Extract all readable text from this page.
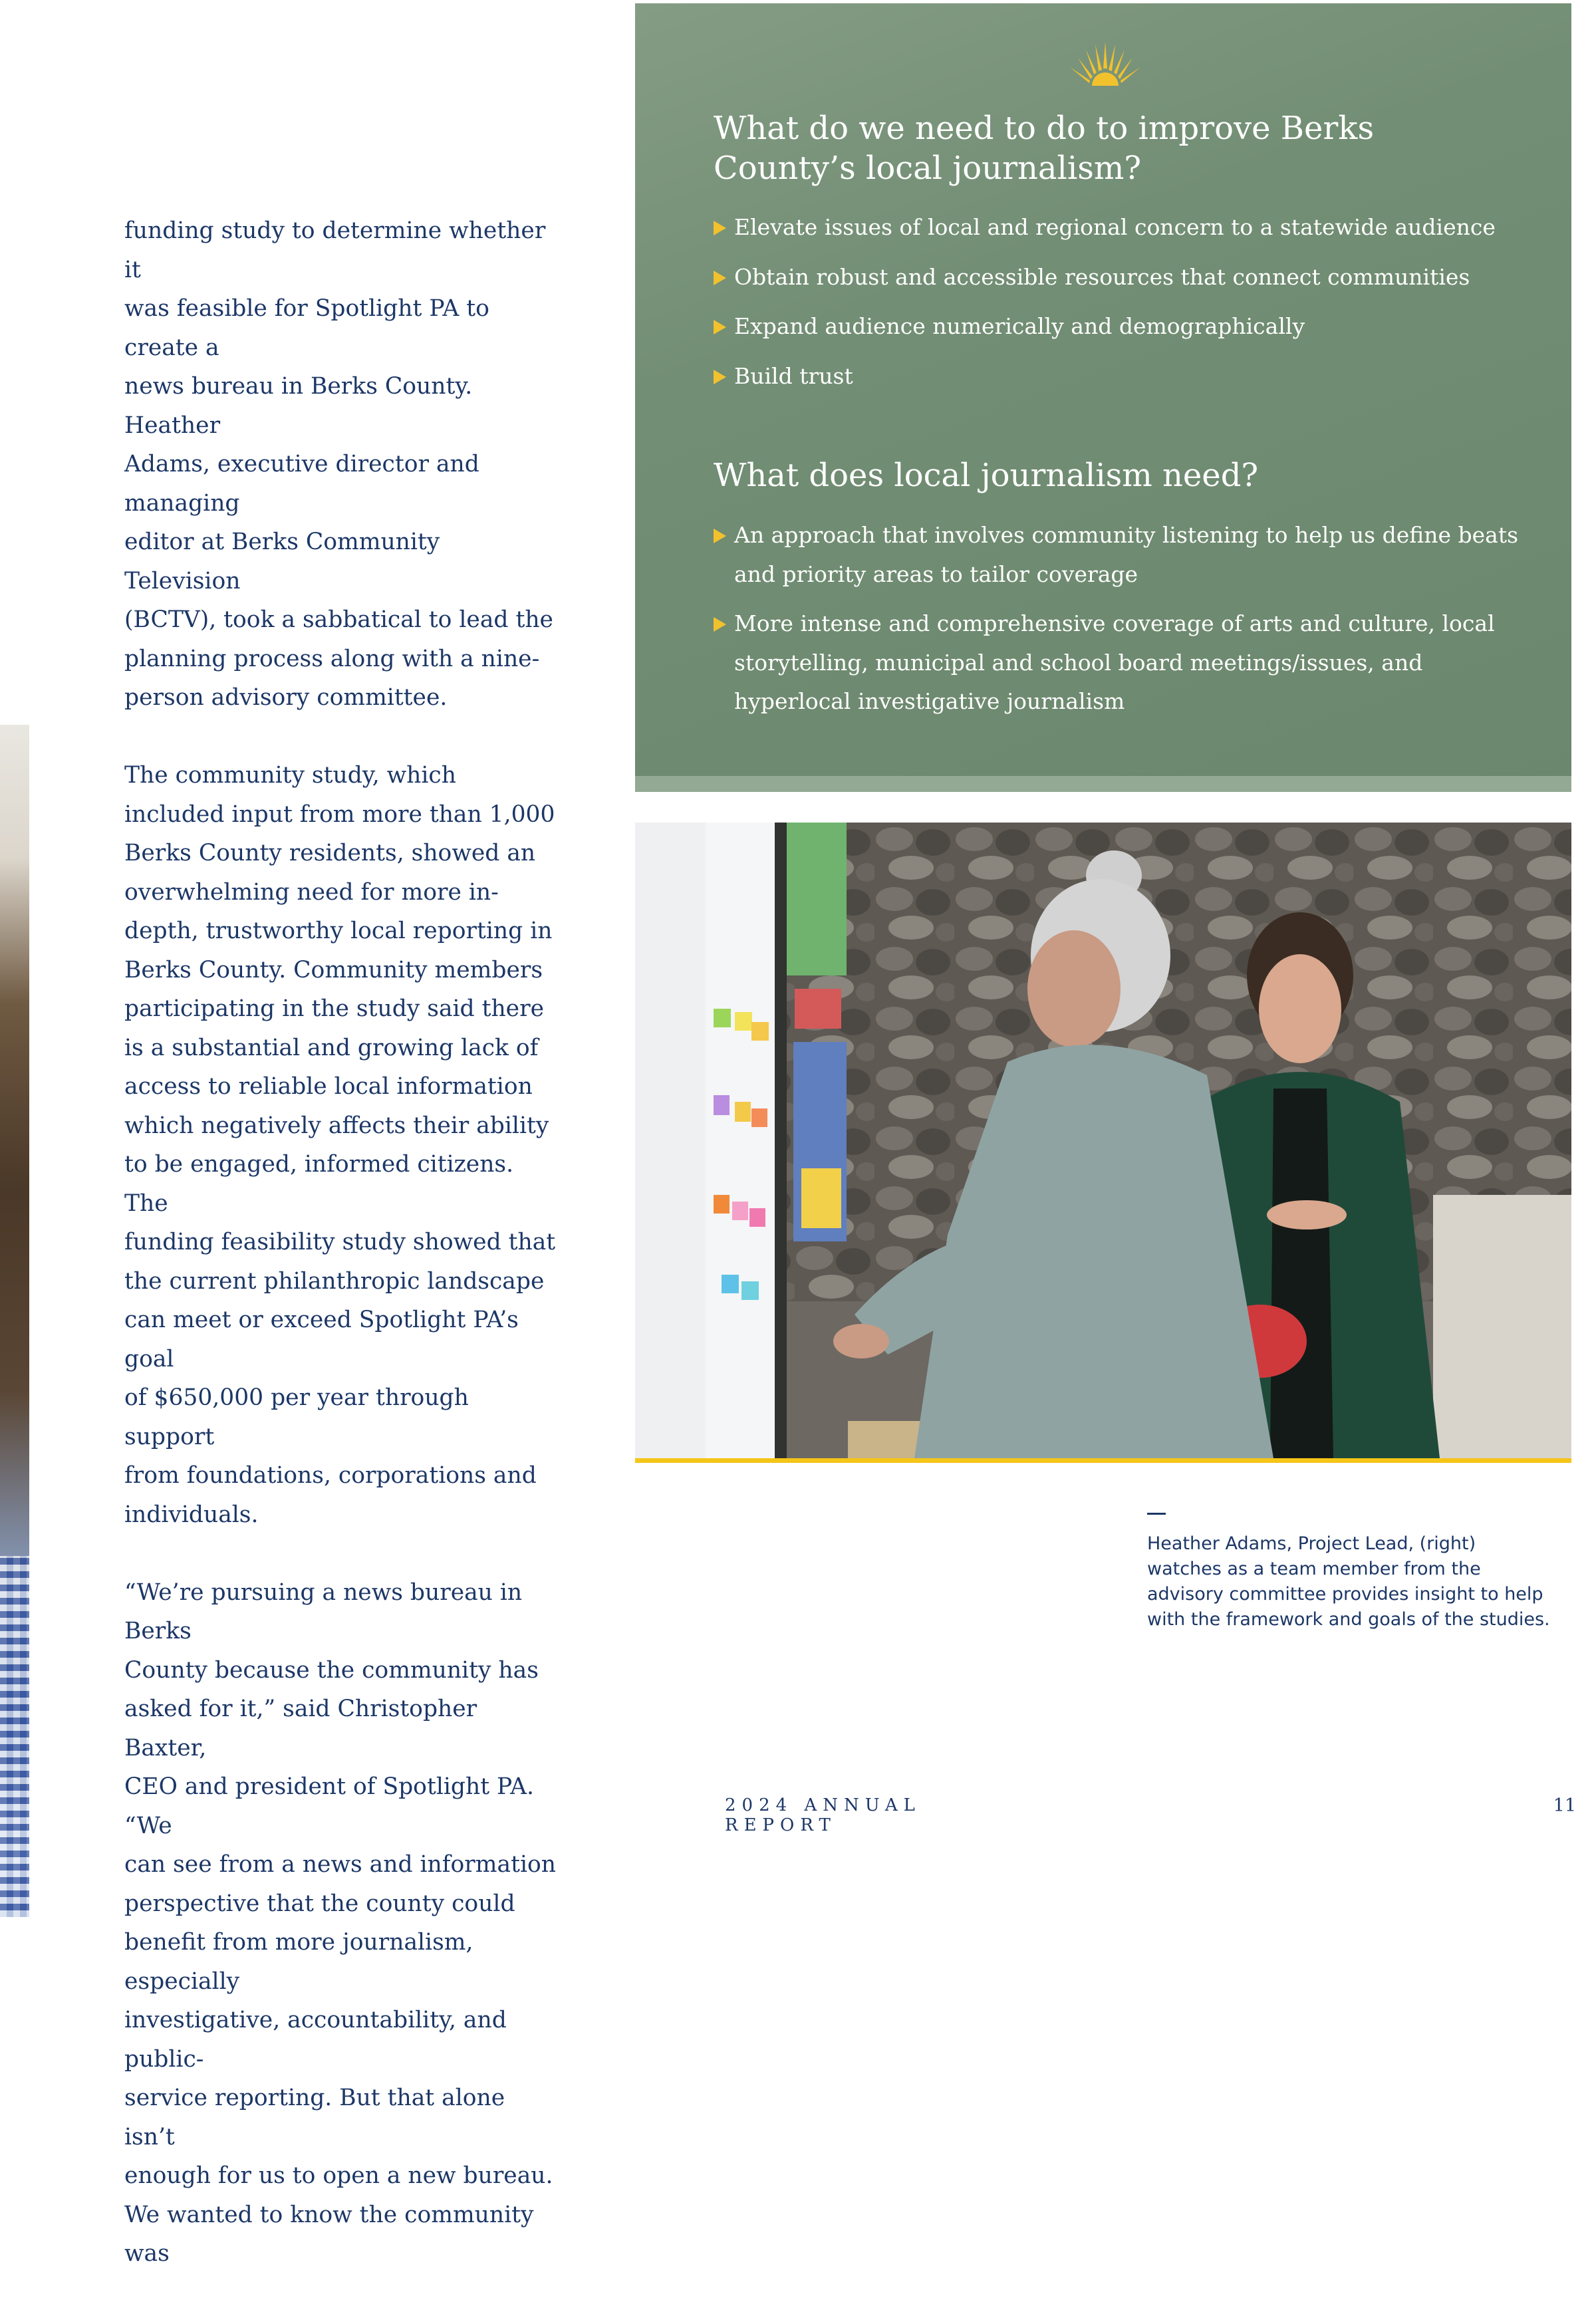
funding study to determine whether it
was feasible for Spotlight PA to create a
news bureau in Berks County. Heather
Adams, executive director and managing
editor at Berks Community Television
(BCTV), took a sabbatical to lead the
planning process along with a nine-
person advisory committee.

The community study, which
included input from more than 1,000
Berks County residents, showed an
overwhelming need for more in-
depth, trustworthy local reporting in
Berks County. Community members
participating in the study said there
is a substantial and growing lack of
access to reliable local information
which negatively affects their ability
to be engaged, informed citizens. The
funding feasibility study showed that
the current philanthropic landscape
can meet or exceed Spotlight PA’s goal
of $650,000 per year through support
from foundations, corporations and
individuals.

“We’re pursuing a news bureau in Berks
County because the community has
asked for it,” said Christopher Baxter,
CEO and president of Spotlight PA. “We
can see from a news and information
perspective that the county could
benefit from more journalism, especially
investigative, accountability, and public-
service reporting. But that alone isn’t
enough for us to open a new bureau.
We wanted to know the community was

What do we need to do to improve Berks County’s local journalism?
Elevate issues of local and regional concern to a statewide audience
Obtain robust and accessible resources that connect communities
Expand audience numerically and demographically
Build trust
What does local journalism need?
An approach that involves community listening to help us define beats and priority areas to tailor coverage
More intense and comprehensive coverage of arts and culture, local storytelling, municipal and school board meetings/issues, and hyperlocal investigative journalism

Heather Adams, Project Lead, (right)
watches as a team member from the
advisory committee provides insight to help
with the framework and goals of the studies.

2024 ANNUAL REPORT
11
